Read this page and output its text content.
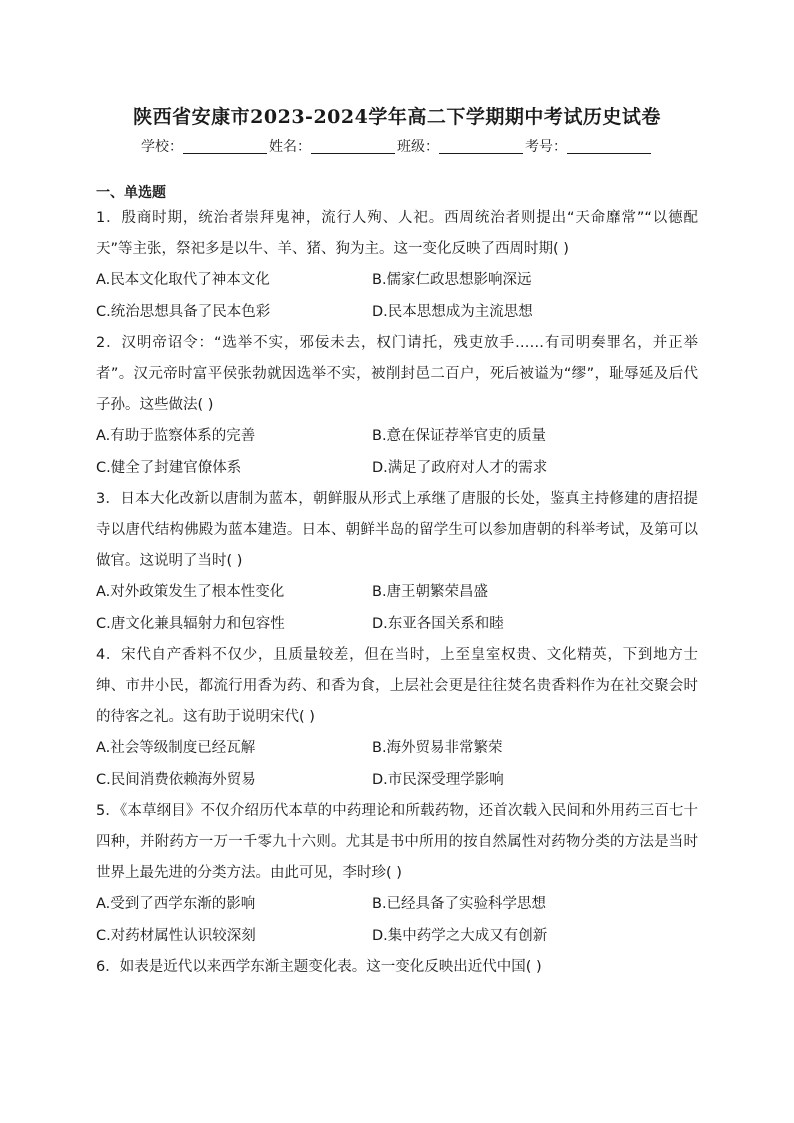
陕西省安康市2023-2024学年高二下学期期中考试历史试卷
学校：	姓名：	班级：	考号：
一、单选题

1．殷商时期，统治者崇拜鬼神，流行人殉、人祀。西周统治者则提出“天命靡常”“以德配天”等主张，祭祀多是以牛、羊、猪、狗为主。这一变化反映了西周时期( )

A.民本文化取代了神本文化	B.儒家仁政思想影响深远
C.统治思想具备了民本色彩	D.民本思想成为主流思想

2．汉明帝诏令：“选举不实，邪佞未去，权门请托，残吏放手……有司明奏罪名，并正举者”。汉元帝时富平侯张勃就因选举不实，被削封邑二百户，死后被谥为“缪”，耻辱延及后代子孙。这些做法( )

A.有助于监察体系的完善	B.意在保证荐举官吏的质量
C.健全了封建官僚体系	D.满足了政府对人才的需求

3．日本大化改新以唐制为蓝本，朝鲜服从形式上承继了唐服的长处，鉴真主持修建的唐招提寺以唐代结构佛殿为蓝本建造。日本、朝鲜半岛的留学生可以参加唐朝的科举考试，及第可以做官。这说明了当时( )

A.对外政策发生了根本性变化	B.唐王朝繁荣昌盛
C.唐文化兼具辐射力和包容性	D.东亚各国关系和睦

4．宋代自产香料不仅少，且质量较差，但在当时，上至皇室权贵、文化精英，下到地方士绅、市井小民，都流行用香为药、和香为食，上层社会更是往往焚名贵香料作为在社交聚会时的待客之礼。这有助于说明宋代( )

A.社会等级制度已经瓦解	B.海外贸易非常繁荣
C.民间消费依赖海外贸易	D.市民深受理学影响

5．《本草纲目》不仅介绍历代本草的中药理论和所载药物，还首次载入民间和外用药三百七十四种，并附药方一万一千零九十六则。尤其是书中所用的按自然属性对药物分类的方法是当时世界上最先进的分类方法。由此可见，李时珍( )

A.受到了西学东渐的影响	B.已经具备了实验科学思想
C.对药材属性认识较深刻	D.集中药学之大成又有创新

6．如表是近代以来西学东渐主题变化表。这一变化反映出近代中国( )
